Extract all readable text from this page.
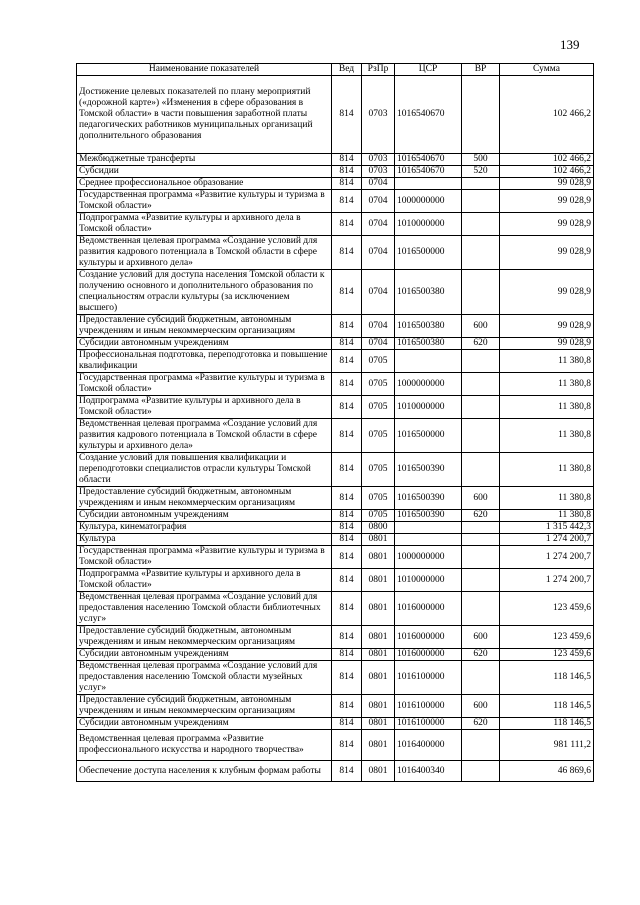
139
Наименование показателей	Вед	РзПр	ЦСР	ВР	Сумма
Достижение целевых показателей по плану мероприятий («дорожной карте») «Изменения в сфере образования в Томской области» в части повышения заработной платы педагогических работников муниципальных организаций дополнительного образования	814	0703	1016540670		102 466,2
Межбюджетные трансферты	814	0703	1016540670	500	102 466,2
Субсидии	814	0703	1016540670	520	102 466,2
Среднее профессиональное образование	814	0704			99 028,9
Государственная программа «Развитие культуры и туризма в Томской области»	814	0704	1000000000		99 028,9
Подпрограмма «Развитие культуры и архивного дела в Томской области»	814	0704	1010000000		99 028,9
Ведомственная целевая программа «Создание условий для развития кадрового потенциала в Томской области в сфере культуры и архивного дела»	814	0704	1016500000		99 028,9
Создание условий для доступа населения Томской области к получению основного и дополнительного образования по специальностям отрасли культуры (за исключением высшего)	814	0704	1016500380		99 028,9
Предоставление субсидий бюджетным, автономным учреждениям и иным некоммерческим организациям	814	0704	1016500380	600	99 028,9
Субсидии автономным учреждениям	814	0704	1016500380	620	99 028,9
Профессиональная подготовка, переподготовка и повышение квалификации	814	0705			11 380,8
Государственная программа «Развитие культуры и туризма в Томской области»	814	0705	1000000000		11 380,8
Подпрограмма «Развитие культуры и архивного дела в Томской области»	814	0705	1010000000		11 380,8
Ведомственная целевая программа «Создание условий для развития кадрового потенциала в Томской области в сфере культуры и архивного дела»	814	0705	1016500000		11 380,8
Создание условий для повышения квалификации и переподготовки специалистов отрасли культуры Томской области	814	0705	1016500390		11 380,8
Предоставление субсидий бюджетным, автономным учреждениям и иным некоммерческим организациям	814	0705	1016500390	600	11 380,8
Субсидии автономным учреждениям	814	0705	1016500390	620	11 380,8
Культура, кинематография	814	0800			1 315 442,3
Культура	814	0801			1 274 200,7
Государственная программа «Развитие культуры и туризма в Томской области»	814	0801	1000000000		1 274 200,7
Подпрограмма «Развитие культуры и архивного дела в Томской области»	814	0801	1010000000		1 274 200,7
Ведомственная целевая программа «Создание условий для предоставления населению Томской области библиотечных услуг»	814	0801	1016000000		123 459,6
Предоставление субсидий бюджетным, автономным учреждениям и иным некоммерческим организациям	814	0801	1016000000	600	123 459,6
Субсидии автономным учреждениям	814	0801	1016000000	620	123 459,6
Ведомственная целевая программа «Создание условий для предоставления населению Томской области музейных услуг»	814	0801	1016100000		118 146,5
Предоставление субсидий бюджетным, автономным учреждениям и иным некоммерческим организациям	814	0801	1016100000	600	118 146,5
Субсидии автономным учреждениям	814	0801	1016100000	620	118 146,5
Ведомственная целевая программа «Развитие профессионального искусства и народного творчества»	814	0801	1016400000		981 111,2
Обеспечение доступа населения к клубным формам работы	814	0801	1016400340		46 869,6
